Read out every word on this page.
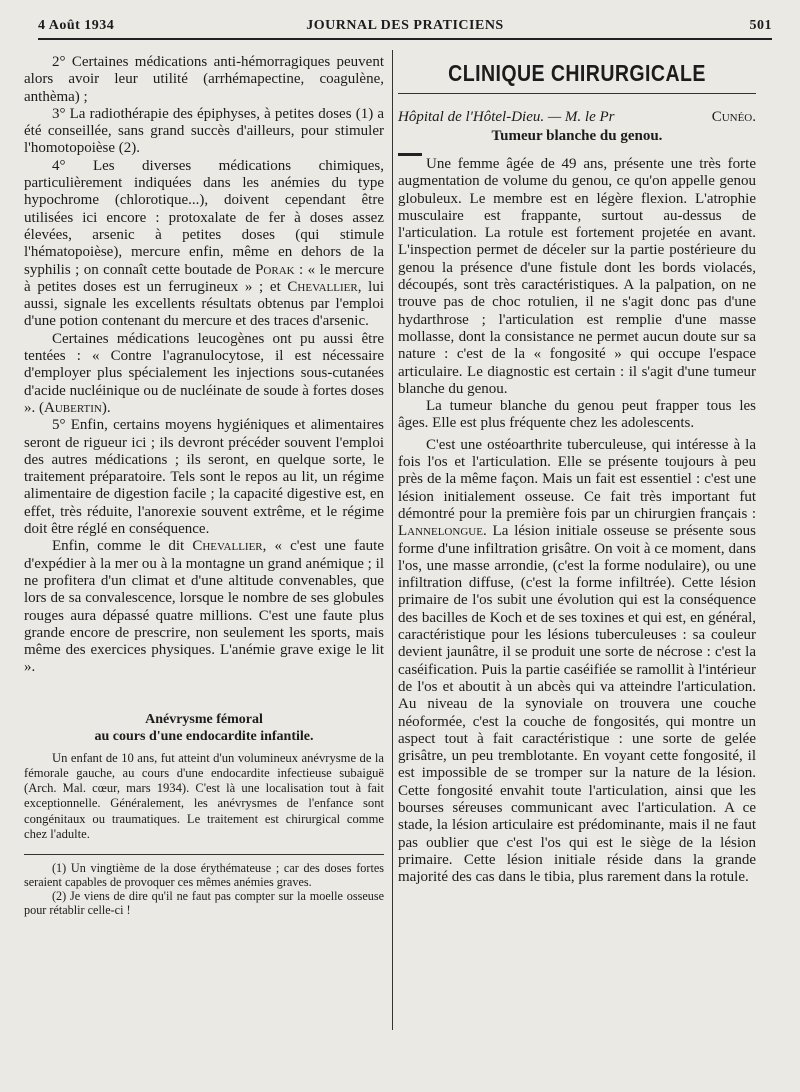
4 Août 1934	JOURNAL DES PRATICIENS	501

2° Certaines médications anti-hémorragiques peuvent alors avoir leur utilité (arrhémapectine, coagulène, anthèma) ;

3° La radiothérapie des épiphyses, à petites doses (1) a été conseillée, sans grand succès d'ailleurs, pour stimuler l'homotopoièse (2).

4° Les diverses médications chimiques, particulièrement indiquées dans les anémies du type hypochrome (chlorotique...), doivent cependant être utilisées ici encore : protoxalate de fer à doses assez élevées, arsenic à petites doses (qui stimule l'hématopoièse), mercure enfin, même en dehors de la syphilis ; on connaît cette boutade de Porak : « le mercure à petites doses est un ferrugineux » ; et Chevallier, lui aussi, signale les excellents résultats obtenus par l'emploi d'une potion contenant du mercure et des traces d'arsenic.

Certaines médications leucogènes ont pu aussi être tentées : « Contre l'agranulocytose, il est nécessaire d'employer plus spécialement les injections sous-cutanées d'acide nucléinique ou de nucléinate de soude à fortes doses ». (Aubertin).

5° Enfin, certains moyens hygiéniques et alimentaires seront de rigueur ici ; ils devront précéder souvent l'emploi des autres médications ; ils seront, en quelque sorte, le traitement préparatoire. Tels sont le repos au lit, un régime alimentaire de digestion facile ; la capacité digestive est, en effet, très réduite, l'anorexie souvent extrême, et le régime doit être réglé en conséquence.

Enfin, comme le dit Chevallier, « c'est une faute d'expédier à la mer ou à la montagne un grand anémique ; il ne profitera d'un climat et d'une altitude convenables, que lors de sa convalescence, lorsque le nombre de ses globules rouges aura dépassé quatre millions. C'est une faute plus grande encore de prescrire, non seulement les sports, mais même des exercices physiques. L'anémie grave exige le lit ».

Anévrysme fémoral

au cours d'une endocardite infantile.

Un enfant de 10 ans, fut atteint d'un volumineux anévrysme de la fémorale gauche, au cours d'une endocardite infectieuse subaiguë (Arch. Mal. cœur, mars 1934). C'est là une localisation tout à fait exceptionnelle. Généralement, les anévrysmes de l'enfance sont congénitaux ou traumatiques. Le traitement est chirurgical comme chez l'adulte.

(1) Un vingtième de la dose érythémateuse ; car des doses fortes seraient capables de provoquer ces mêmes anémies graves.

(2) Je viens de dire qu'il ne faut pas compter sur la moelle osseuse pour rétablir celle-ci !

CLINIQUE CHIRURGICALE
Hôpital de l'Hôtel-Dieu. — M. le Pr	Cunéo.
Tumeur blanche du genou.

Une femme âgée de 49 ans, présente une très forte augmentation de volume du genou, ce qu'on appelle genou globuleux. Le membre est en légère flexion. L'atrophie musculaire est frappante, surtout au-dessus de l'articulation. La rotule est fortement projetée en avant. L'inspection permet de déceler sur la partie postérieure du genou la présence d'une fistule dont les bords violacés, découpés, sont très caractéristiques. A la palpation, on ne trouve pas de choc rotulien, il ne s'agit donc pas d'une hydarthrose ; l'articulation est remplie d'une masse mollasse, dont la consistance ne permet aucun doute sur sa nature : c'est de la « fongosité » qui occupe l'espace articulaire. Le diagnostic est certain : il s'agit d'une tumeur blanche du genou.

La tumeur blanche du genou peut frapper tous les âges. Elle est plus fréquente chez les adolescents.

C'est une ostéoarthrite tuberculeuse, qui intéresse à la fois l'os et l'articulation. Elle se présente toujours à peu près de la même façon. Mais un fait est essentiel : c'est une lésion initialement osseuse. Ce fait très important fut démontré pour la première fois par un chirurgien français : Lannelongue. La lésion initiale osseuse se présente sous forme d'une infiltration grisâtre. On voit à ce moment, dans l'os, une masse arrondie, (c'est la forme nodulaire), ou une infiltration diffuse, (c'est la forme infiltrée). Cette lésion primaire de l'os subit une évolution qui est la conséquence des bacilles de Koch et de ses toxines et qui est, en général, caractéristique pour les lésions tuberculeuses : sa couleur devient jaunâtre, il se produit une sorte de nécrose : c'est la caséification. Puis la partie caséifiée se ramollit à l'intérieur de l'os et aboutit à un abcès qui va atteindre l'articulation. Au niveau de la synoviale on trouvera une couche néoformée, c'est la couche de fongosités, qui montre un aspect tout à fait caractéristique : une sorte de gelée grisâtre, un peu tremblotante. En voyant cette fongosité, il est impossible de se tromper sur la nature de la lésion. Cette fongosité envahit toute l'articulation, ainsi que les bourses séreuses communicant avec l'articulation. A ce stade, la lésion articulaire est prédominante, mais il ne faut pas oublier que c'est l'os qui est le siège de la lésion primaire. Cette lésion initiale réside dans la grande majorité des cas dans le tibia, plus rarement dans la rotule.
